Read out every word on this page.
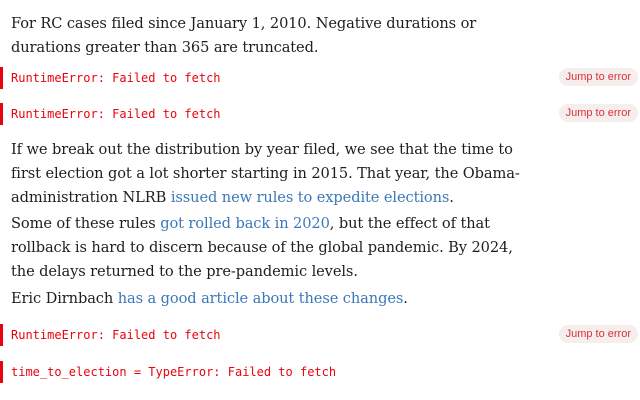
For RC cases filed since January 1, 2010. Negative durations or durations greater than 365 are truncated.

RuntimeError: Failed to fetch	Jump to error
RuntimeError: Failed to fetch	Jump to error

If we break out the distribution by year filed, we see that the time to first election got a lot shorter starting in 2015. That year, the Obama-administration NLRB issued new rules to expedite elections.

Some of these rules got rolled back in 2020, but the effect of that rollback is hard to discern because of the global pandemic. By 2024, the delays returned to the pre-pandemic levels.

Eric Dirnbach has a good article about these changes.

RuntimeError: Failed to fetch	Jump to error
time_to_election = TypeError: Failed to fetch
